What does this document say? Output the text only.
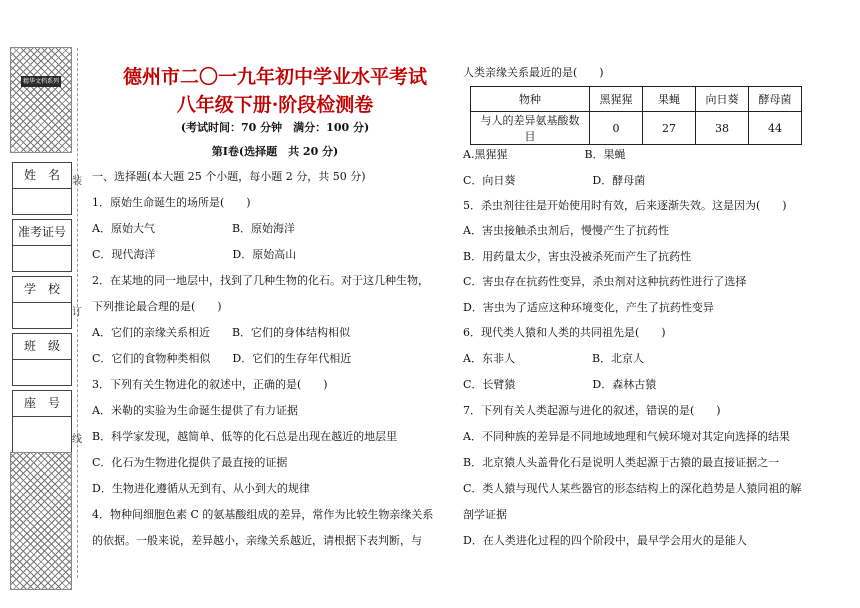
精华文档系列
姓　名
准考证号
学　校
班　级
座　号
装
订
线
德州市二〇一九年初中学业水平考试
八年级下册·阶段检测卷
(考试时间：70 分钟　满分：100 分)
第Ⅰ卷(选择题　共 20 分)
一、选择题(本大题 25 个小题，每小题 2 分，共 50 分)
1．原始生命诞生的场所是(　　)
A．原始大气　　　　　　　B．原始海洋
C．现代海洋　　　　　　　D．原始高山
2．在某地的同一地层中，找到了几种生物的化石。对于这几种生物，
下列推论最合理的是(　　)
A．它们的亲缘关系相近　　B．它们的身体结构相似
C．它们的食物种类相似　　D．它们的生存年代相近
3．下列有关生物进化的叙述中，正确的是(　　)
A．米勒的实验为生命诞生提供了有力证据
B．科学家发现，越简单、低等的化石总是出现在越近的地层里
C．化石为生物进化提供了最直接的证据
D．生物进化遵循从无到有、从小到大的规律
4．物种间细胞色素 C 的氨基酸组成的差异，常作为比较生物亲缘关系
的依据。一般来说，差异越小，亲缘关系越近，请根据下表判断，与
人类亲缘关系最近的是(　　)
物种	黑猩猩	果蝇	向日葵	酵母菌
与人的差异氨基酸数目	0	27	38	44
A.黑猩猩　　　　　　　B．果蝇
C．向日葵　　　　　　　D．酵母菌
5．杀虫剂往往是开始使用时有效，后来逐渐失效。这是因为(　　)
A．害虫接触杀虫剂后，慢慢产生了抗药性
B．用药量太少，害虫没被杀死而产生了抗药性
C．害虫存在抗药性变异，杀虫剂对这种抗药性进行了选择
D．害虫为了适应这种环境变化，产生了抗药性变异
6．现代类人猿和人类的共同祖先是(　　)
A．东非人　　　　　　　B．北京人
C．长臂猿　　　　　　　D．森林古猿
7．下列有关人类起源与进化的叙述，错误的是(　　)
A．不同种族的差异是不同地域地理和气候环境对其定向选择的结果
B．北京猿人头盖骨化石是说明人类起源于古猿的最直接证据之一
C．类人猿与现代人某些器官的形态结构上的深化趋势是人猿同祖的解
剖学证据
D．在人类进化过程的四个阶段中，最早学会用火的是能人
